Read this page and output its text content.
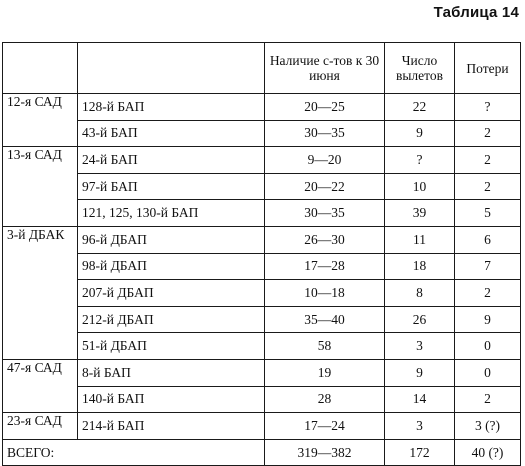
Таблица 14
		Наличие с-тов к 30 июня	Число вылетов	Потери
12-я САД	128-й БАП	20—25	22	?
	43-й БАП	30—35	9	2
13-я САД	24-й БАП	9—20	?	2
	97-й БАП	20—22	10	2
	121, 125, 130-й БАП	30—35	39	5
3-й ДБАК	96-й ДБАП	26—30	11	6
	98-й ДБАП	17—28	18	7
	207-й ДБАП	10—18	8	2
	212-й ДБАП	35—40	26	9
	51-й ДБАП	58	3	0
47-я САД	8-й БАП	19	9	0
	140-й БАП	28	14	2
23-я САД	214-й БАП	17—24	3	3 (?)
ВСЕГО:		319—382	172	40 (?)
